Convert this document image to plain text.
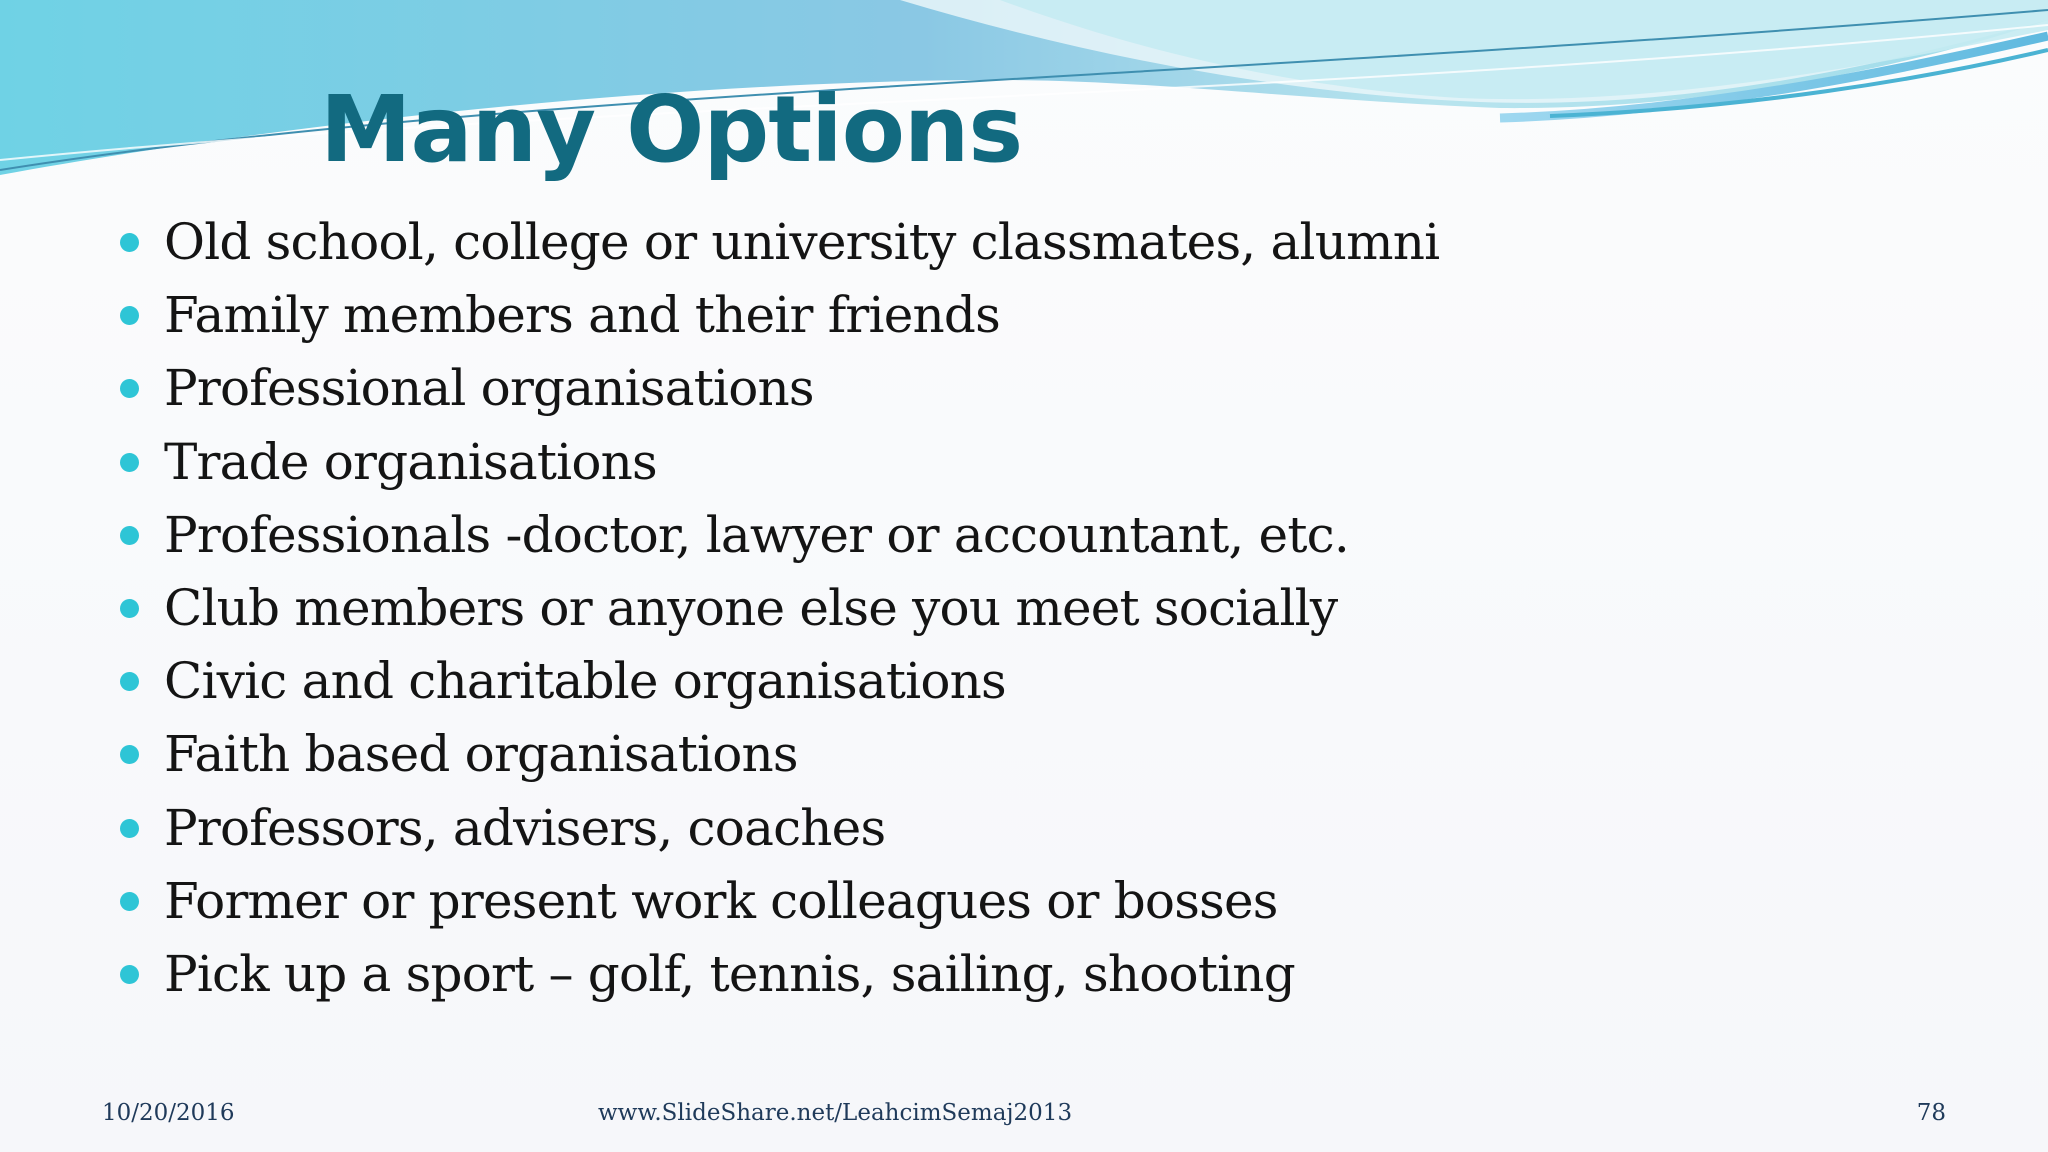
Many Options
Old school, college or university classmates, alumni
Family members and their friends
Professional organisations
Trade organisations
Professionals -doctor, lawyer or accountant, etc.
Club members or anyone else you meet socially
Civic and charitable organisations
Faith based organisations
Professors, advisers, coaches
Former or present work colleagues or bosses
Pick up a sport – golf, tennis, sailing, shooting
10/20/2016	www.SlideShare.net/LeahcimSemaj2013	78
